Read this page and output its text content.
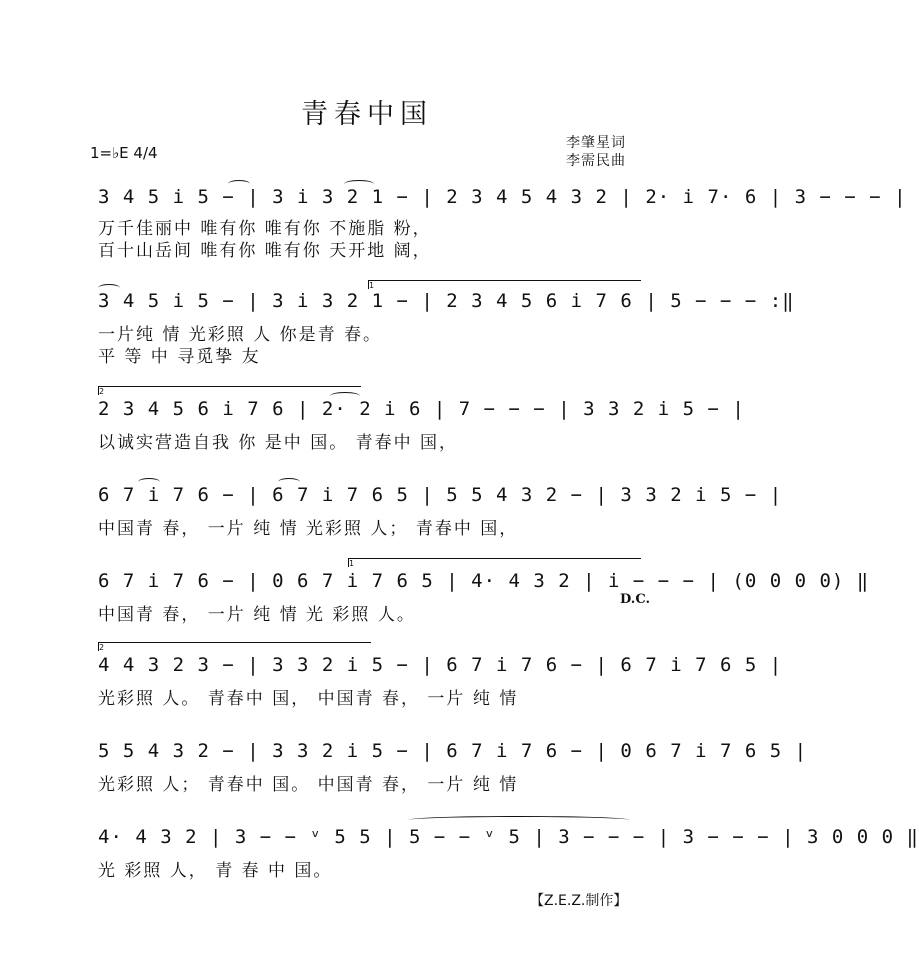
青春中国
1=♭E 4/4
李肇星词
李需民曲
3 4 5 i 5 − | 3 i 3 2 1 − | 2 3 4 5 4 3 2 | 2· i 7· 6 | 3 − − − |
万千佳丽中 唯有你 唯有你 不施脂 粉，
百十山岳间 唯有你 唯有你 天开地 阔，
1
3 4 5 i 5 − | 3 i 3 2 1 − | 2 3 4 5 6 i 7 6 | 5 − − − :‖
一片纯 情 光彩照 人 你是青 春。
平 等 中 寻觅挚 友
2
2 3 4 5 6 i 7 6 | 2· 2 i 6 | 7 − − − | 3 3 2 i 5 − |
以诚实营造自我 你 是中 国。 青春中 国，
6 7 i 7 6 − | 6 7 i 7 6 5 | 5 5 4 3 2 − | 3 3 2 i 5 − |
中国青 春， 一片 纯 情 光彩照 人； 青春中 国，
1
6 7 i 7 6 − | 0 6 7 i 7 6 5 | 4· 4 3 2 | i − − − | (0 0 0 0) ‖
中国青 春， 一片 纯 情 光 彩照 人。
D.C.
2
4 4 3 2 3 − | 3 3 2 i 5 − | 6 7 i 7 6 − | 6 7 i 7 6 5 |
光彩照 人。 青春中 国， 中国青 春， 一片 纯 情
5 5 4 3 2 − | 3 3 2 i 5 − | 6 7 i 7 6 − | 0 6 7 i 7 6 5 |
光彩照 人； 青春中 国。 中国青 春， 一片 纯 情
4· 4 3 2 | 3 − − ᵛ 5 5 | 5 − − ᵛ 5 | 3 − − − | 3 − − − | 3 0 0 0 ‖
光 彩照 人， 青 春 中 国。
【Z.E.Z.制作】
